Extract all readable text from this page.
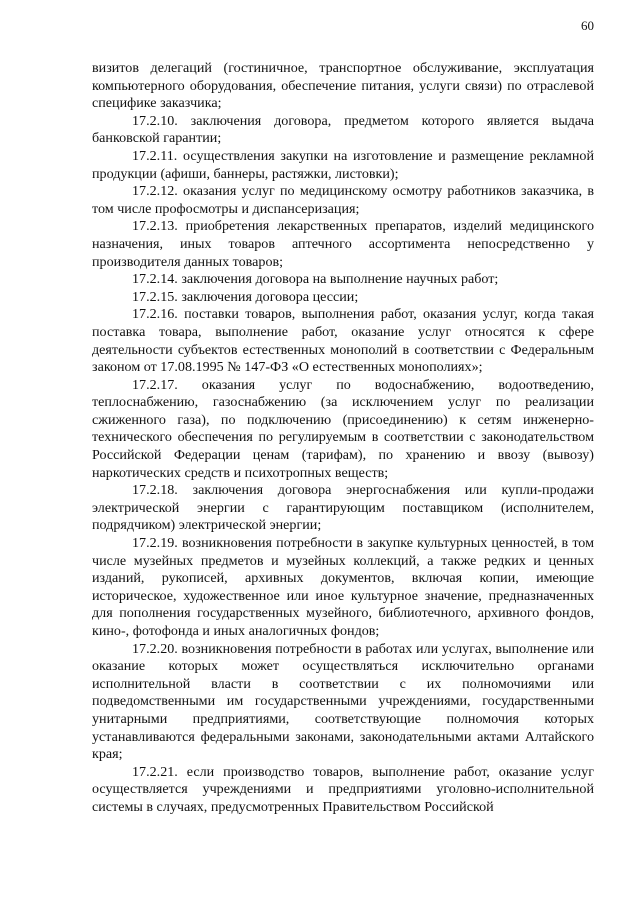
60

визитов делегаций (гостиничное, транспортное обслуживание, эксплуатация компьютерного оборудования, обеспечение питания, услуги связи) по отраслевой специфике заказчика;

17.2.10. заключения договора, предметом которого является выдача банковской гарантии;

17.2.11. осуществления закупки на изготовление и размещение рекламной продукции (афиши, баннеры, растяжки, листовки);

17.2.12. оказания услуг по медицинскому осмотру работников заказчика, в том числе профосмотры и диспансеризация;

17.2.13. приобретения лекарственных препаратов, изделий медицинского назначения, иных товаров аптечного ассортимента непосредственно у производителя данных товаров;

17.2.14. заключения договора на выполнение научных работ;

17.2.15. заключения договора цессии;

17.2.16. поставки товаров, выполнения работ, оказания услуг, когда такая поставка товара, выполнение работ, оказание услуг относятся к сфере деятельности субъектов естественных монополий в соответствии с Федеральным законом от 17.08.1995 № 147-ФЗ «О естественных монополиях»;

17.2.17. оказания услуг по водоснабжению, водоотведению, теплоснабжению, газоснабжению (за исключением услуг по реализации сжиженного газа), по подключению (присоединению) к сетям инженерно-технического обеспечения по регулируемым в соответствии с законодательством Российской Федерации ценам (тарифам), по хранению и ввозу (вывозу) наркотических средств и психотропных веществ;

17.2.18. заключения договора энергоснабжения или купли-продажи электрической энергии с гарантирующим поставщиком (исполнителем, подрядчиком) электрической энергии;

17.2.19. возникновения потребности в закупке культурных ценностей, в том числе музейных предметов и музейных коллекций, а также редких и ценных изданий, рукописей, архивных документов, включая копии, имеющие историческое, художественное или иное культурное значение, предназначенных для пополнения государственных музейного, библиотечного, архивного фондов, кино-, фотофонда и иных аналогичных фондов;

17.2.20. возникновения потребности в работах или услугах, выполнение или оказание которых может осуществляться исключительно органами исполнительной власти в соответствии с их полномочиями или подведомственными им государственными учреждениями, государственными унитарными предприятиями, соответствующие полномочия которых устанавливаются федеральными законами, законодательными актами Алтайского края;

17.2.21. если производство товаров, выполнение работ, оказание услуг осуществляется учреждениями и предприятиями уголовно-исполнительной системы в случаях, предусмотренных Правительством Российской
